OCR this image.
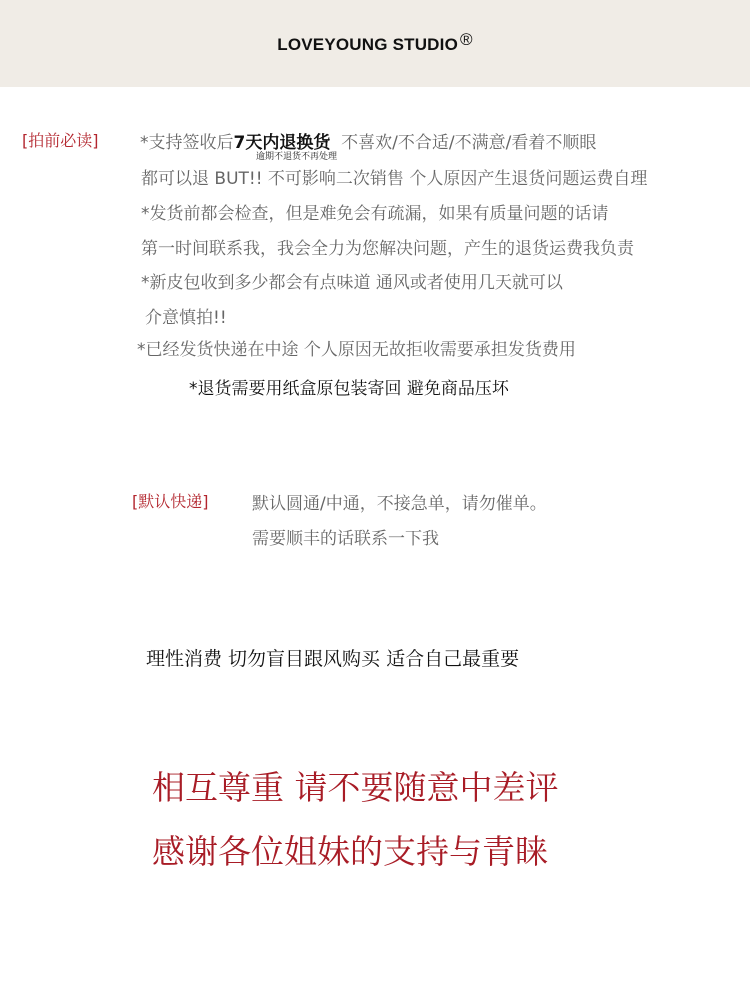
LOVEYOUNG STUDIO ®
[拍前必读] *支持签收后7天内退换货 不喜欢/不合适/不满意/看着不顺眼
逾期不退货不再处理
都可以退 BUT!! 不可影响二次销售 个人原因产生退货问题运费自理
*发货前都会检查，但是难免会有疏漏，如果有质量问题的话请
第一时间联系我，我会全力为您解决问题，产生的退货运费我负责
*新皮包收到多少都会有点味道 通风或者使用几天就可以
介意慎拍!!
*已经发货快递在中途 个人原因无故拒收需要承担发货费用
*退货需要用纸盒原包装寄回 避免商品压坏
[默认快递]	默认圆通/中通，不接急单，请勿催单。
需要顺丰的话联系一下我
理性消费 切勿盲目跟风购买 适合自己最重要
相互尊重 请不要随意中差评
感谢各位姐妹的支持与青睐
